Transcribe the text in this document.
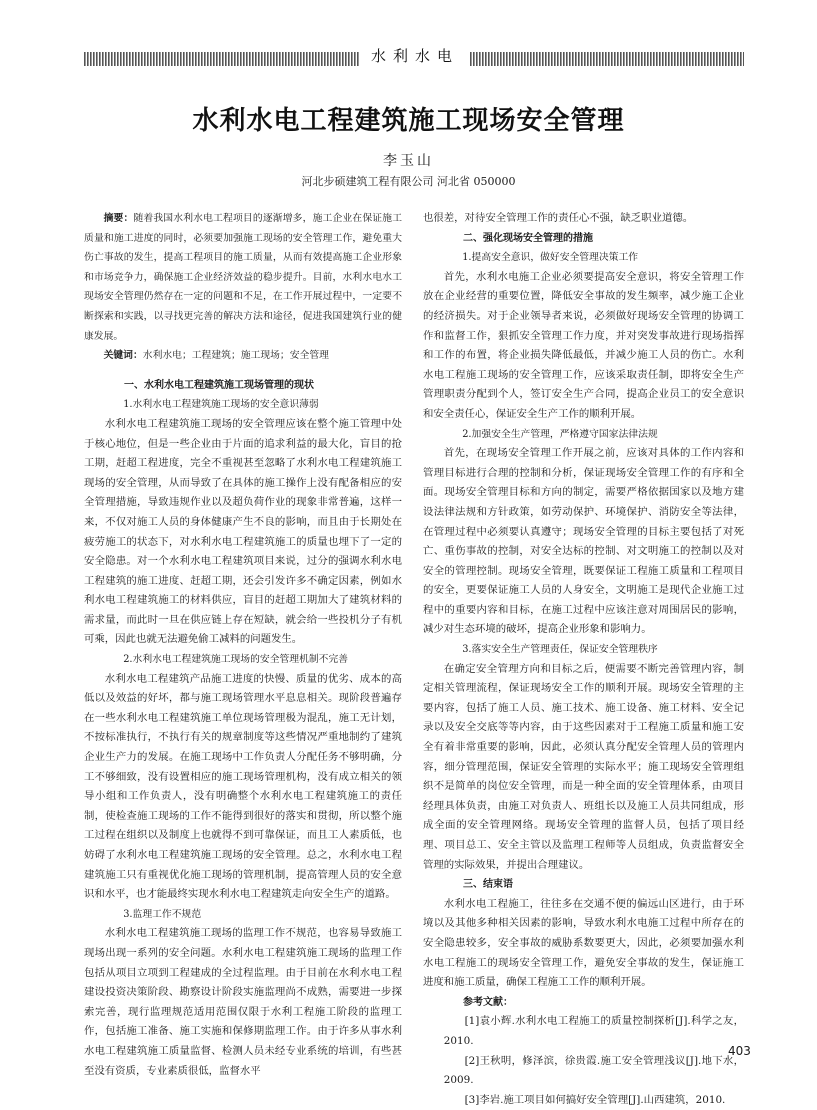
水利水电
水利水电工程建筑施工现场安全管理
李玉山
河北步硕建筑工程有限公司 河北省 050000

摘要：随着我国水利水电工程项目的逐渐增多，施工企业在保证施工质量和施工进度的同时，必须要加强施工现场的安全管理工作，避免重大伤亡事故的发生，提高工程项目的施工质量，从而有效提高施工企业形象和市场竞争力，确保施工企业经济效益的稳步提升。目前，水利水电水工现场安全管理仍然存在一定的问题和不足，在工作开展过程中，一定要不断探索和实践，以寻找更完善的解决方法和途径，促进我国建筑行业的健康发展。

关键词：水利水电；工程建筑；施工现场；安全管理

一、水利水电工程建筑施工现场管理的现状

1.水利水电工程建筑施工现场的安全意识薄弱

水利水电工程建筑施工现场的安全管理应该在整个施工管理中处于核心地位，但是一些企业由于片面的追求利益的最大化，盲目的抢工期，赶超工程进度，完全不重视甚至忽略了水利水电工程建筑施工现场的安全管理，从而导致了在具体的施工操作上没有配备相应的安全管理措施，导致违规作业以及超负荷作业的现象非常普遍，这样一来，不仅对施工人员的身体健康产生不良的影响，而且由于长期处在疲劳施工的状态下，对水利水电工程建筑施工的质量也埋下了一定的安全隐患。对一个水利水电工程建筑项目来说，过分的强调水利水电工程建筑的施工进度、赶超工期，还会引发许多不确定因素，例如水利水电工程建筑施工的材料供应，盲目的赶超工期加大了建筑材料的需求量，而此时一旦在供应链上存在短缺，就会给一些投机分子有机可乘，因此也就无法避免偷工减料的问题发生。

2.水利水电工程建筑施工现场的安全管理机制不完善

水利水电工程建筑产品施工进度的快慢、质量的优劣、成本的高低以及效益的好坏，都与施工现场管理水平息息相关。现阶段普遍存在一些水利水电工程建筑施工单位现场管理极为混乱，施工无计划，不按标准执行，不执行有关的规章制度等这些情况严重地制约了建筑企业生产力的发展。在施工现场中工作负责人分配任务不够明确，分工不够细致，没有设置相应的施工现场管理机构，没有成立相关的领导小组和工作负责人，没有明确整个水利水电工程建筑施工的责任制，使检查施工现场的工作不能得到很好的落实和贯彻，所以整个施工过程在组织以及制度上也就得不到可靠保证，而且工人素质低，也妨碍了水利水电工程建筑施工现场的安全管理。总之，水利水电工程建筑施工只有重视优化施工现场的管理机制，提高管理人员的安全意识和水平，也才能最终实现水利水电工程建筑走向安全生产的道路。

3.监理工作不规范

水利水电工程建筑施工现场的监理工作不规范，也容易导致施工现场出现一系列的安全问题。水利水电工程建筑施工现场的监理工作包括从项目立项到工程建成的全过程监理。由于目前在水利水电工程建设投资决策阶段、勘察设计阶段实施监理尚不成熟，需要进一步探索完善，现行监理规范适用范围仅限于水利工程施工阶段的监理工作，包括施工准备、施工实施和保修期监理工作。由于许多从事水利水电工程建筑施工质量监督、检测人员未经专业系统的培训，有些甚至没有资质，专业素质很低，监督水平

也很差，对待安全管理工作的责任心不强，缺乏职业道德。

二、强化现场安全管理的措施

1.提高安全意识，做好安全管理决策工作

首先，水利水电施工企业必须要提高安全意识，将安全管理工作放在企业经营的重要位置，降低安全事故的发生频率，减少施工企业的经济损失。对于企业领导者来说，必须做好现场安全管理的协调工作和监督工作，狠抓安全管理工作力度，并对突发事故进行现场指挥和工作的布置，将企业损失降低最低，并减少施工人员的伤亡。水利水电工程施工现场的安全管理工作，应该采取责任制，即将安全生产管理职责分配到个人，签订安全生产合同，提高企业员工的安全意识和安全责任心，保证安全生产工作的顺利开展。

2.加强安全生产管理，严格遵守国家法律法规

首先，在现场安全管理工作开展之前，应该对具体的工作内容和管理目标进行合理的控制和分析，保证现场安全管理工作的有序和全面。现场安全管理目标和方向的制定，需要严格依据国家以及地方建设法律法规和方针政策，如劳动保护、环境保护、消防安全等法律，在管理过程中必须要认真遵守；现场安全管理的目标主要包括了对死亡、重伤事故的控制，对安全达标的控制、对文明施工的控制以及对安全的管理控制。现场安全管理，既要保证工程施工质量和工程项目的安全，更要保证施工人员的人身安全，文明施工是现代企业施工过程中的重要内容和目标，在施工过程中应该注意对周围居民的影响，减少对生态环境的破坏，提高企业形象和影响力。

3.落实安全生产管理责任，保证安全管理秩序

在确定安全管理方向和目标之后，便需要不断完善管理内容，制定相关管理流程，保证现场安全工作的顺利开展。现场安全管理的主要内容，包括了施工人员、施工技术、施工设备、施工材料、安全记录以及安全交底等等内容，由于这些因素对于工程施工质量和施工安全有着非常重要的影响，因此，必须认真分配安全管理人员的管理内容，细分管理范围，保证安全管理的实际水平；施工现场安全管理组织不是简单的岗位安全管理，而是一种全面的安全管理体系，由项目经理具体负责，由施工对负责人、班组长以及施工人员共同组成，形成全面的安全管理网络。现场安全管理的监督人员，包括了项目经理、项目总工、安全主管以及监理工程师等人员组成，负责监督安全管理的实际效果，并提出合理建议。

三、结束语

水利水电工程施工，往往多在交通不便的偏远山区进行，由于环境以及其他多种相关因素的影响，导致水利水电施工过程中所存在的安全隐患较多，安全事故的威胁系数要更大，因此，必须要加强水利水电工程施工的现场安全管理工作，避免安全事故的发生，保证施工进度和施工质量，确保工程施工工作的顺利开展。

参考文献：

[1]袁小辉.水利水电工程施工的质量控制探析[J].科学之友，2010.

[2]王秋明，修泽滨，徐贵霞.施工安全管理浅议[J].地下水，2009.

[3]李岩.施工项目如何搞好安全管理[J].山西建筑，2010.

403
